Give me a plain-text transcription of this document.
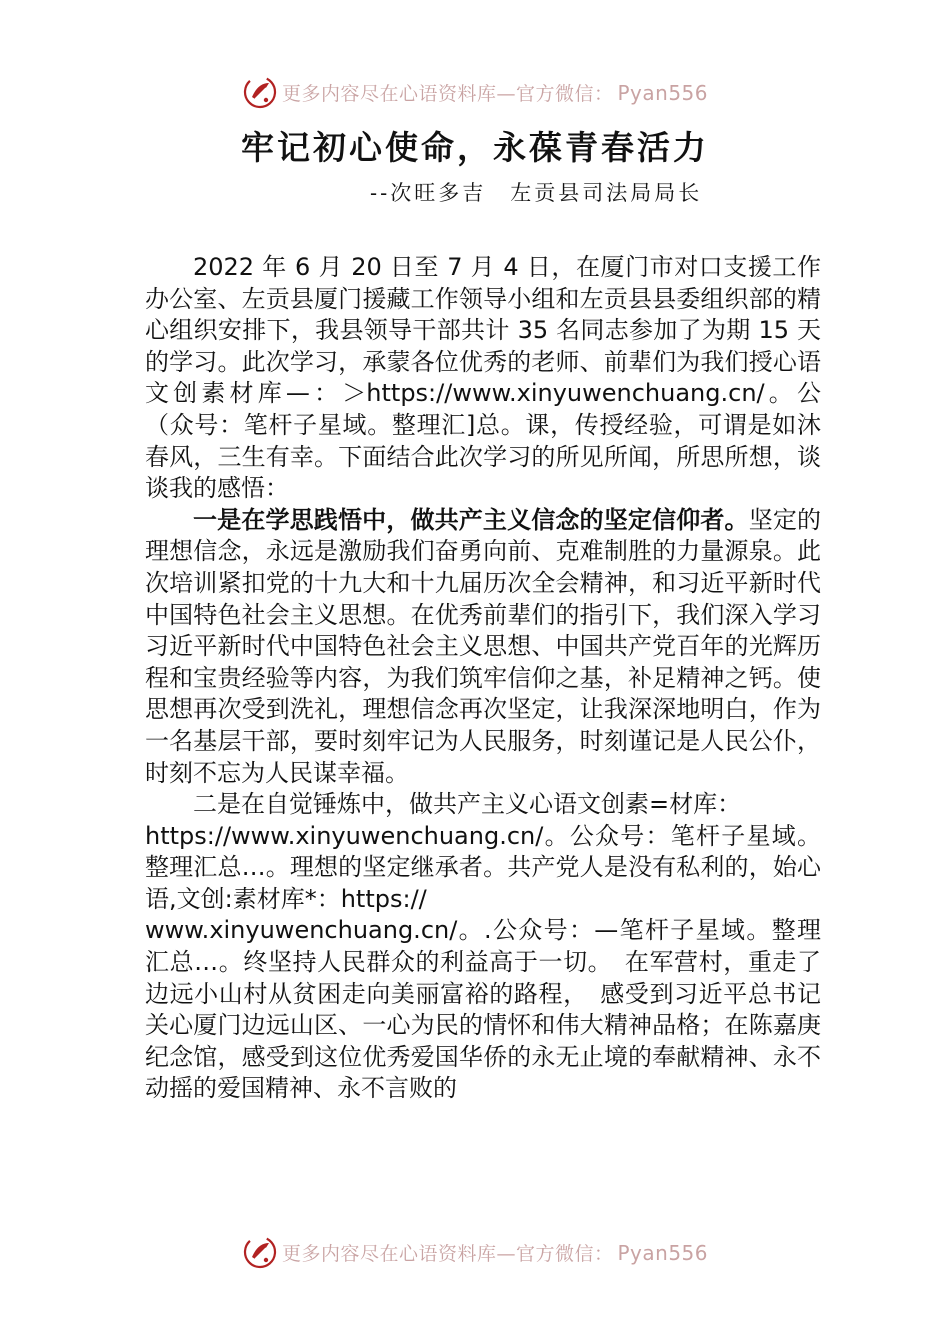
更多内容尽在心语资料库—官方微信： Pyan556
牢记初心使命，永葆青春活力
--次旺多吉　左贡县司法局局长

2022 年 6 月 20 日至 7 月 4 日，在厦门市对口支援工作办公室、左贡县厦门援藏工作领导小组和左贡县县委组织部的精心组织安排下，我县领导干部共计 35 名同志参加了为期 15 天的学习。此次学习，承蒙各位优秀的老师、前辈们为我们授心语文创素材库—：＞https://www.xinyuwenchuang.cn/。公（众号：笔杆子星域。整理汇]总。课，传授经验，可谓是如沐春风，三生有幸。下面结合此次学习的所见所闻，所思所想，谈谈我的感悟：

一是在学思践悟中，做共产主义信念的坚定信仰者。坚定的理想信念，永远是激励我们奋勇向前、克难制胜的力量源泉。此次培训紧扣党的十九大和十九届历次全会精神，和习近平新时代中国特色社会主义思想。在优秀前辈们的指引下，我们深入学习习近平新时代中国特色社会主义思想、中国共产党百年的光辉历程和宝贵经验等内容，为我们筑牢信仰之基，补足精神之钙。使思想再次受到洗礼，理想信念再次坚定，让我深深地明白，作为一名基层干部，要时刻牢记为人民服务，时刻谨记是人民公仆，时刻不忘为人民谋幸福。

二是在自觉锤炼中，做共产主义心语文创素=材库：

https://www.xinyuwenchuang.cn/。公众号：笔杆子星域。整理汇总…。理想的坚定继承者。共产党人是没有私利的，始心语,文创:素材库*：https://

www.xinyuwenchuang.cn/。.公众号：—笔杆子星域。整理汇总…。终坚持人民群众的利益高于一切。　在军营村，重走了边远小山村从贫困走向美丽富裕的路程，　感受到习近平总书记关心厦门边远山区、一心为民的情怀和伟大精神品格；在陈嘉庚纪念馆，感受到这位优秀爱国华侨的永无止境的奉献精神、永不动摇的爱国精神、永不言败的

更多内容尽在心语资料库—官方微信： Pyan556
